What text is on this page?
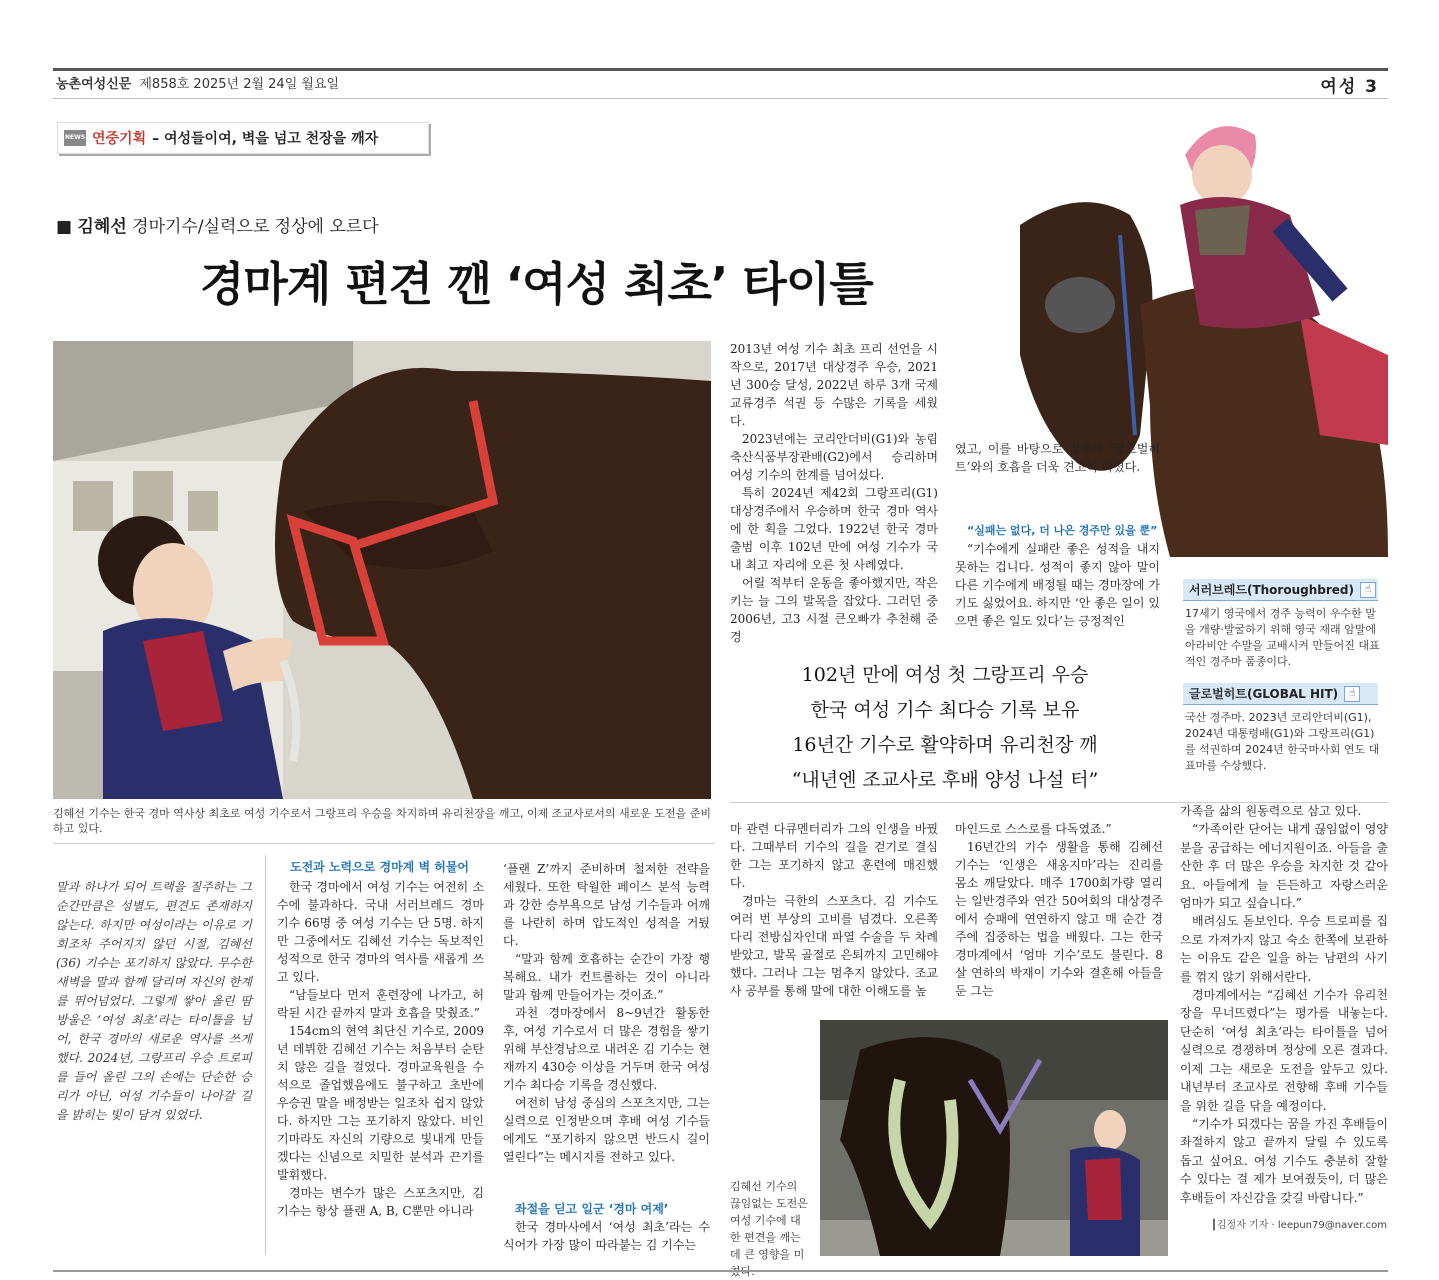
농촌여성신문 제858호 2025년 2월 24일 월요일	여성 3
NEWS 연중기획 – 여성들이여, 벽을 넘고 천장을 깨자
■ 김혜선 경마기수/실력으로 정상에 오르다
경마계 편견 깬 ‘여성 최초’ 타이틀
김혜선 기수는 한국 경마 역사상 최초로 여성 기수로서 그랑프리 우승을 차지하며 유리천장을 깨고, 이제 조교사로서의 새로운 도전을 준비하고 있다.
김혜선 기수의 끊임없는 도전은 여성 기수에 대한 편견을 깨는데 큰 영향을 미쳤다.

2013년 여성 기수 최초 프리 선언을 시작으로, 2017년 대상경주 우승, 2021년 300승 달성, 2022년 하루 3개 국제교류경주 석권 등 수많은 기록을 세웠다.

2023년에는 코리안더비(G1)와 농림축산식품부장관배(G2)에서 승리하며 여성 기수의 한계를 넘어섰다.

특히 2024년 제42회 그랑프리(G1) 대상경주에서 우승하며 한국 경마 역사에 한 획을 그었다. 1922년 한국 경마 출범 이후 102년 만에 여성 기수가 국내 최고 자리에 오른 첫 사례였다.

어릴 적부터 운동을 좋아했지만, 작은 키는 늘 그의 발목을 잡았다. 그러던 중 2006년, 고3 시절 큰오빠가 추천해 준 경

였고, 이를 바탕으로 경주마 ‘글로벌히트’와의 호흡을 더욱 견고히 다졌다.

“실패는 없다, 더 나은 경주만 있을 뿐”

“기수에게 실패란 좋은 성적을 내지 못하는 겁니다. 성적이 좋지 않아 말이 다른 기수에게 배정될 때는 경마장에 가기도 싫었어요. 하지만 ‘안 좋은 일이 있으면 좋은 일도 있다’는 긍정적인

102년 만에 여성 첫 그랑프리 우승
한국 여성 기수 최다승 기록 보유
16년간 기수로 활약하며 유리천장 깨
“내년엔 조교사로 후배 양성 나설 터”
서러브레드(Thoroughbred)	☝
17세기 영국에서 경주 능력이 우수한 말을 개량·발굴하기 위해 영국 재래 암말에 아라비안 수말을 교배시켜 만들어진 대표적인 경주마 품종이다.
글로벌히트(GLOBAL HIT)	☝
국산 경주마. 2023년 코리안더비(G1), 2024년 대통령배(G1)와 그랑프리(G1)를 석권하며 2024년 한국마사회 연도 대표마를 수상했다.
말과 하나가 되어 트랙을 질주하는 그 순간만큼은 성별도, 편견도 존재하지 않는다. 하지만 여성이라는 이유로 기회조차 주어지지 않던 시절, 김혜선(36) 기수는 포기하지 않았다. 무수한 새벽을 말과 함께 달리며 자신의 한계를 뛰어넘었다. 그렇게 쌓아 올린 땀방울은 ‘여성 최초’라는 타이틀을 넘어, 한국 경마의 새로운 역사를 쓰게 했다. 2024년, 그랑프리 우승 트로피를 들어 올린 그의 손에는 단순한 승리가 아닌, 여성 기수들이 나아갈 길을 밝히는 빛이 담겨 있었다.
도전과 노력으로 경마계 벽 허물어

한국 경마에서 여성 기수는 여전히 소수에 불과하다. 국내 서러브레드 경마 기수 66명 중 여성 기수는 단 5명. 하지만 그중에서도 김혜선 기수는 독보적인 성적으로 한국 경마의 역사를 새롭게 쓰고 있다.

“남들보다 먼저 훈련장에 나가고, 허락된 시간 끝까지 말과 호흡을 맞췄죠.”

154cm의 현역 최단신 기수로, 2009년 데뷔한 김혜선 기수는 처음부터 순탄치 않은 길을 걸었다. 경마교육원을 수석으로 졸업했음에도 불구하고 초반에 우승권 말을 배정받는 일조차 쉽지 않았다. 하지만 그는 포기하지 않았다. 비인기마라도 자신의 기량으로 빛내게 만들겠다는 신념으로 치밀한 분석과 끈기를 발휘했다.

경마는 변수가 많은 스포츠지만, 김 기수는 항상 플랜 A, B, C뿐만 아니라

‘플랜 Z’까지 준비하며 철저한 전략을 세웠다. 또한 탁월한 페이스 분석 능력과 강한 승부욕으로 남성 기수들과 어깨를 나란히 하며 압도적인 성적을 거뒀다.

“말과 함께 호흡하는 순간이 가장 행복해요. 내가 컨트롤하는 것이 아니라 말과 함께 만들어가는 것이죠.”

과천 경마장에서 8~9년간 활동한 후, 여성 기수로서 더 많은 경험을 쌓기 위해 부산경남으로 내려온 김 기수는 현재까지 430승 이상을 거두며 한국 여성 기수 최다승 기록을 경신했다.

여전히 남성 중심의 스포츠지만, 그는 실력으로 인정받으며 후배 여성 기수들에게도 “포기하지 않으면 반드시 길이 열린다”는 메시지를 전하고 있다.

좌절을 딛고 일군 ‘경마 여제’

한국 경마사에서 ‘여성 최초’라는 수식어가 가장 많이 따라붙는 김 기수는

마 관련 다큐멘터리가 그의 인생을 바꿨다. 그때부터 기수의 길을 걷기로 결심한 그는 포기하지 않고 훈련에 매진했다.

경마는 극한의 스포츠다. 김 기수도 여러 번 부상의 고비를 넘겼다. 오른쪽 다리 전방십자인대 파열 수술을 두 차례 받았고, 발목 골절로 은퇴까지 고민해야 했다. 그러나 그는 멈추지 않았다. 조교사 공부를 통해 말에 대한 이해도를 높

마인드로 스스로를 다독였죠.”

16년간의 기수 생활을 통해 김혜선 기수는 ‘인생은 새옹지마’라는 진리를 몸소 깨달았다. 매주 1700회가량 열리는 일반경주와 연간 50여회의 대상경주에서 승패에 연연하지 않고 매 순간 경주에 집중하는 법을 배웠다. 그는 한국 경마계에서 ‘엄마 기수’로도 불린다. 8살 연하의 박재이 기수와 결혼해 아들을 둔 그는

가족을 삶의 원동력으로 삼고 있다.

“가족이란 단어는 내게 끊임없이 영양분을 공급하는 에너지원이죠. 아들을 출산한 후 더 많은 우승을 차지한 것 같아요. 아들에게 늘 든든하고 자랑스러운 엄마가 되고 싶습니다.”

배려심도 돋보인다. 우승 트로피를 집으로 가져가지 않고 숙소 한쪽에 보관하는 이유도 같은 일을 하는 남편의 사기를 꺾지 않기 위해서란다.

경마계에서는 “김혜선 기수가 유리천장을 무너뜨렸다”는 평가를 내놓는다. 단순히 ‘여성 최초’라는 타이틀을 넘어 실력으로 경쟁하며 정상에 오른 결과다. 이제 그는 새로운 도전을 앞두고 있다. 내년부터 조교사로 전향해 후배 기수들을 위한 길을 닦을 예정이다.

“기수가 되겠다는 꿈을 가진 후배들이 좌절하지 않고 끝까지 달릴 수 있도록 돕고 싶어요. 여성 기수도 충분히 잘할 수 있다는 걸 제가 보여줬듯이, 더 많은 후배들이 자신감을 갖길 바랍니다.”

┃김정자 기자 · leepun79@naver.com
